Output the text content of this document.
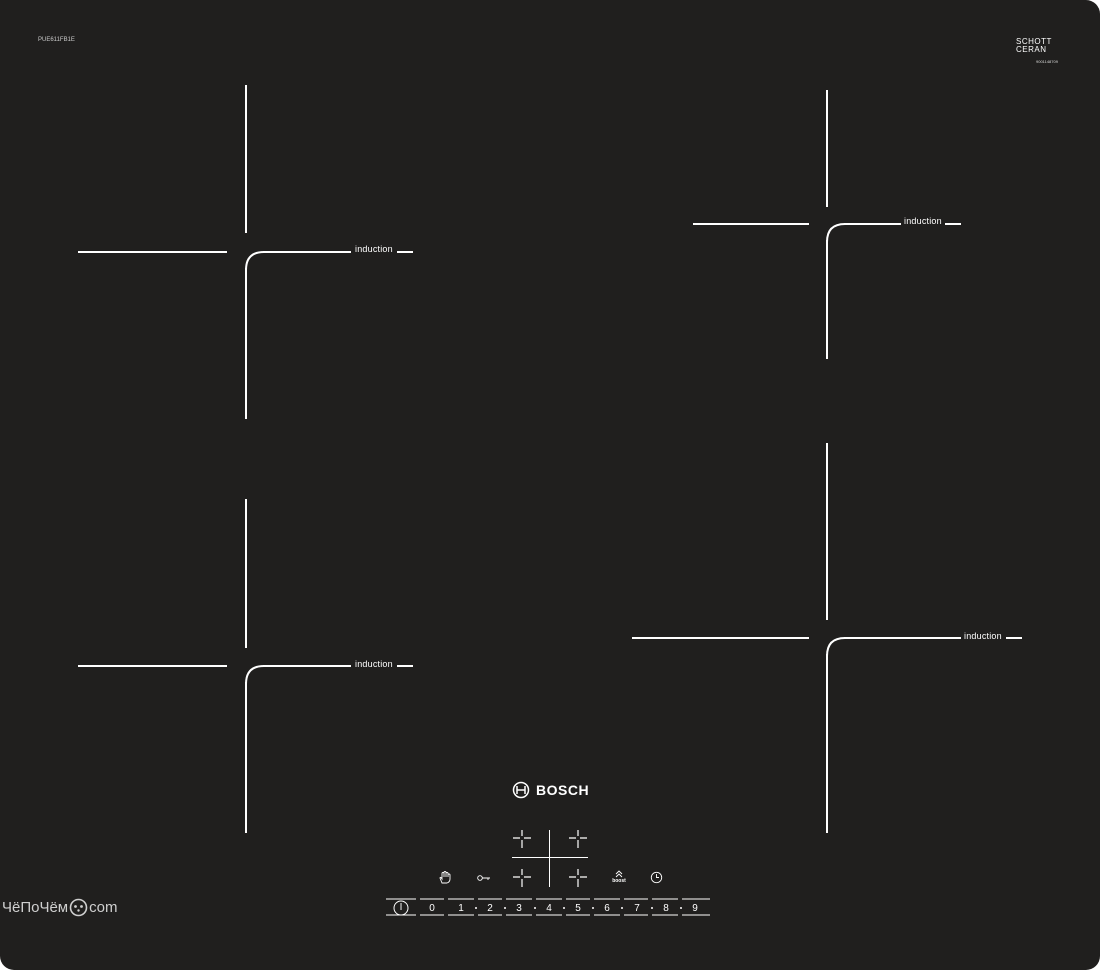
PUE611FB1E	SCHOTT
CERAN
9001148709
induction
induction
induction
induction
BOSCH
boost
I	0	1	2	3	4	5	6	7	8	9
ЧёПоЧём com
